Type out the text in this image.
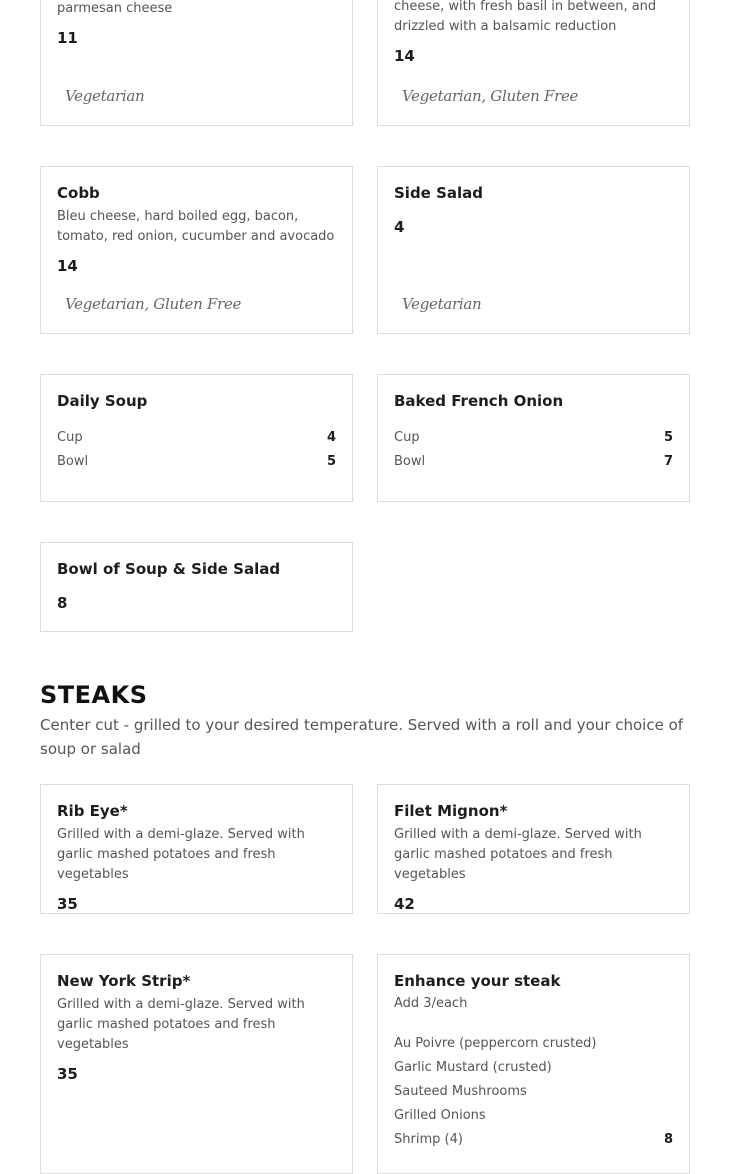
parmesan cheese
11
Vegetarian
cheese, with fresh basil in between, and drizzled with a balsamic reduction
14
Vegetarian, Gluten Free
Cobb
Bleu cheese, hard boiled egg, bacon, tomato, red onion, cucumber and avocado
14
Vegetarian, Gluten Free
Side Salad
4
Vegetarian
Daily Soup
Cup	4
Bowl	5
Baked French Onion
Cup	5
Bowl	7
Bowl of Soup & Side Salad
8
STEAKS

Center cut - grilled to your desired temperature. Served with a roll and your choice of soup or salad

Rib Eye*
Grilled with a demi-glaze. Served with garlic mashed potatoes and fresh vegetables
35
Filet Mignon*
Grilled with a demi-glaze. Served with garlic mashed potatoes and fresh vegetables
42
New York Strip*
Grilled with a demi-glaze. Served with garlic mashed potatoes and fresh vegetables
35
Enhance your steak
Add 3/each
Au Poivre (peppercorn crusted)
Garlic Mustard (crusted)
Sauteed Mushrooms
Grilled Onions
Shrimp (4)	8
